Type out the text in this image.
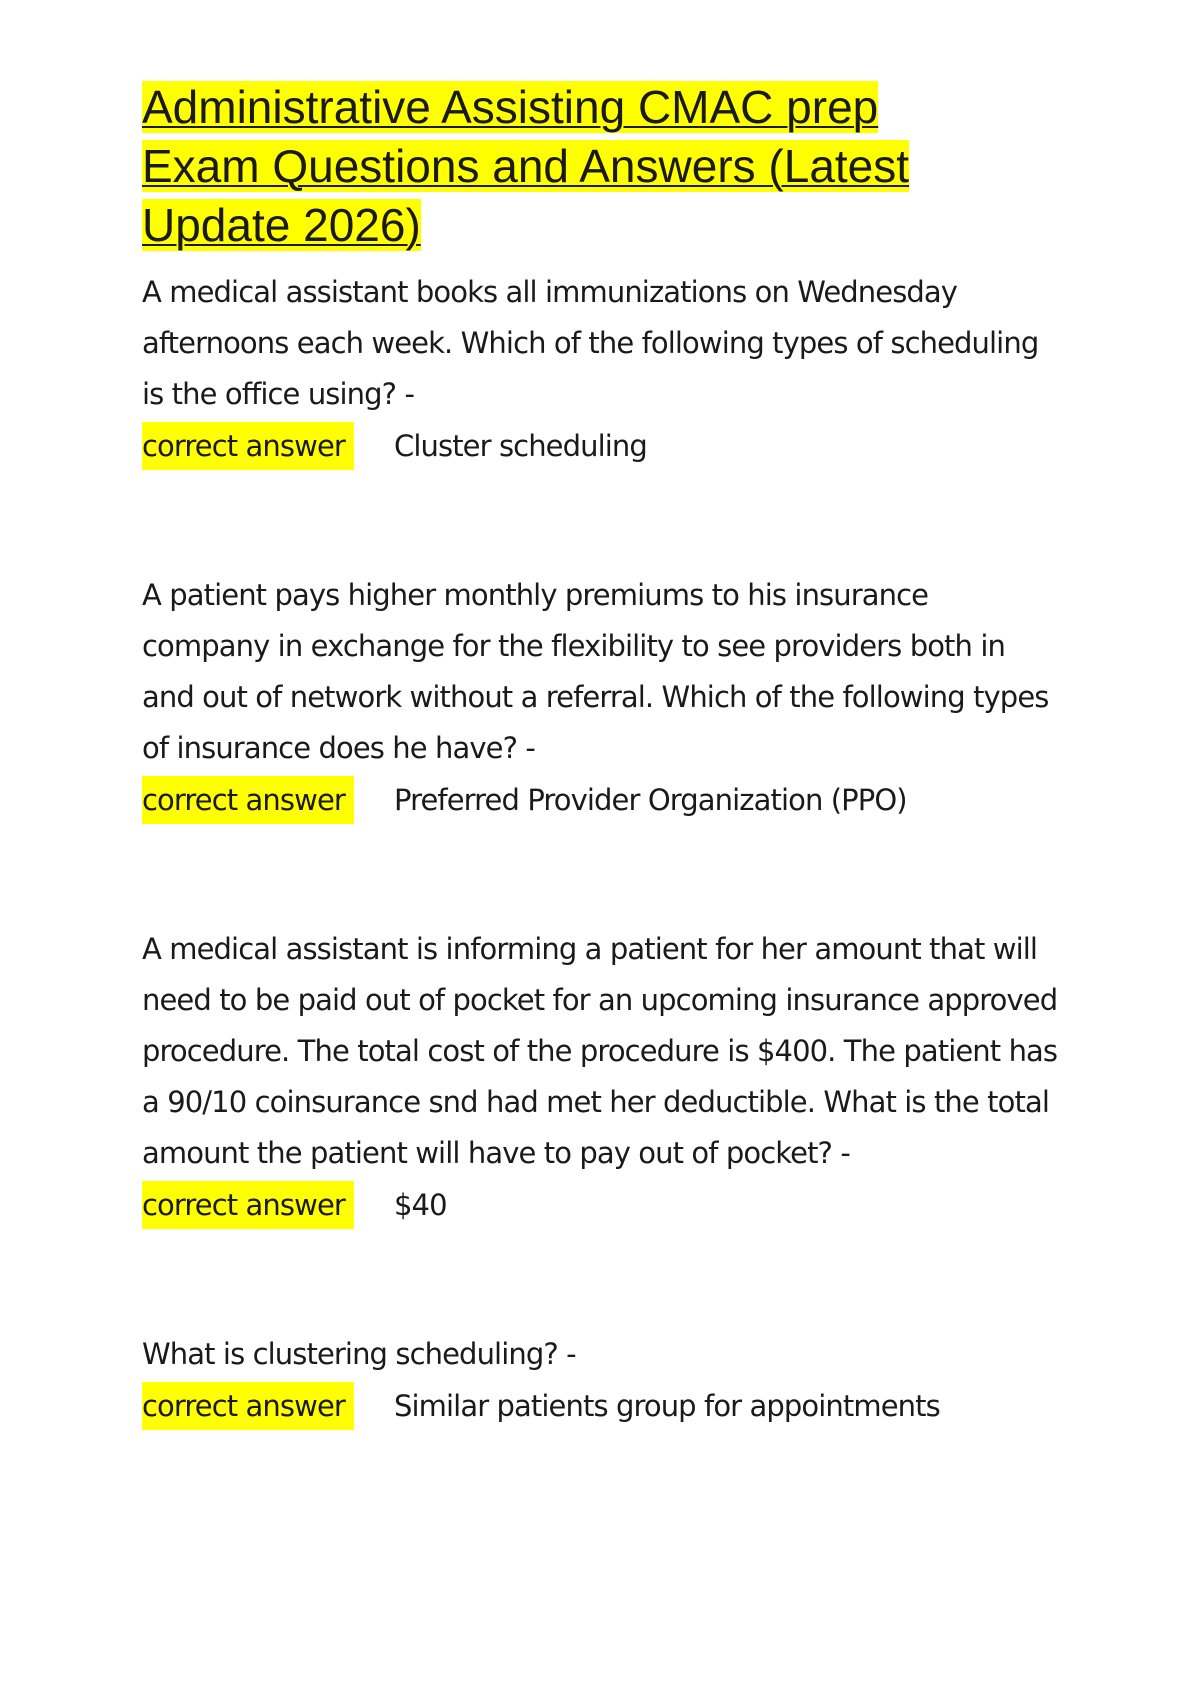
Administrative Assisting CMAC prep Exam Questions and Answers (Latest Update 2026)

A medical assistant books all immunizations on Wednesday afternoons each week. Which of the following types of scheduling is the office using? -

correct answer	Cluster scheduling

A patient pays higher monthly premiums to his insurance company in exchange for the flexibility to see providers both in and out of network without a referral. Which of the following types of insurance does he have? -

correct answer	Preferred Provider Organization (PPO)

A medical assistant is informing a patient for her amount that will need to be paid out of pocket for an upcoming insurance approved procedure. The total cost of the procedure is $400. The patient has a 90/10 coinsurance snd had met her deductible. What is the total amount the patient will have to pay out of pocket? -

correct answer	$40

What is clustering scheduling? -

correct answer	Similar patients group for appointments
